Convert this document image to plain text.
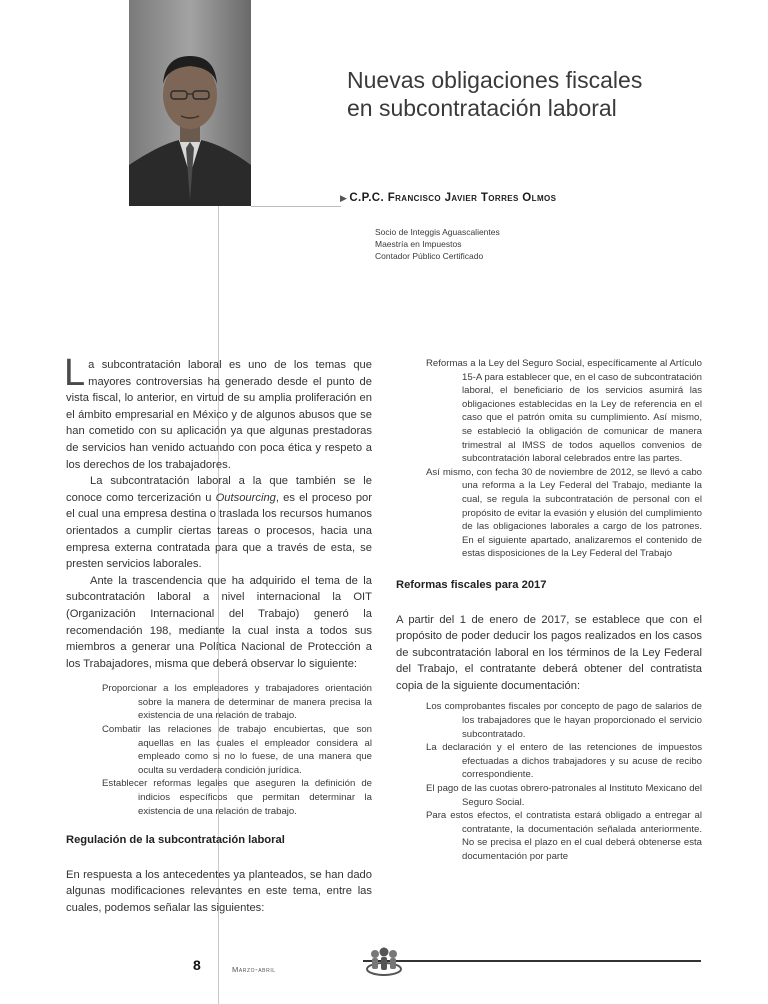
Nuevas obligaciones fiscales
en subcontratación laboral
▶ C.P.C. Francisco Javier Torres Olmos
Socio de Integgis Aguascalientes
Maestría en Impuestos
Contador Público Certificado

La subcontratación laboral es uno de los temas que mayores controversias ha generado desde el punto de vista fiscal, lo anterior, en virtud de su amplia proliferación en el ámbito empresarial en México y de algunos abusos que se han cometido con su aplicación ya que algunas prestadoras de servicios han venido actuando con poca ética y respeto a los derechos de los trabajadores.

La subcontratación laboral a la que también se le conoce como tercerización u Outsourcing, es el proceso por el cual una empresa destina o traslada los recursos humanos orientados a cumplir ciertas tareas o procesos, hacia una empresa externa contratada para que a través de esta, se presten servicios laborales.

Ante la trascendencia que ha adquirido el tema de la subcontratación laboral a nivel internacional la OIT (Organización Internacional del Trabajo) generó la recomendación 198, mediante la cual insta a todos sus miembros a generar una Política Nacional de Protección a los Trabajadores, misma que deberá observar lo siguiente:

Proporcionar a los empleadores y trabajadores orientación sobre la manera de determinar de manera precisa la existencia de una relación de trabajo.
Combatir las relaciones de trabajo encubiertas, que son aquellas en las cuales el empleador considera al empleado como si no lo fuese, de una manera que oculta su verdadera condición jurídica.
Establecer reformas legales que aseguren la definición de indicios específicos que permitan determinar la existencia de una relación de trabajo.

Regulación de la subcontratación laboral

En respuesta a los antecedentes ya planteados, se han dado algunas modificaciones relevantes en este tema, entre las cuales, podemos señalar las siguientes:

Reformas a la Ley del Seguro Social, específicamente al Artículo 15-A para establecer que, en el caso de subcontratación laboral, el beneficiario de los servicios asumirá las obligaciones establecidas en la Ley de referencia en el caso que el patrón omita su cumplimiento. Así mismo, se estableció la obligación de comunicar de manera trimestral al IMSS de todos aquellos convenios de subcontratación laboral celebrados entre las partes.
Así mismo, con fecha 30 de noviembre de 2012, se llevó a cabo una reforma a la Ley Federal del Trabajo, mediante la cual, se regula la subcontratación de personal con el propósito de evitar la evasión y elusión del cumplimiento de las obligaciones laborales a cargo de los patrones. En el siguiente apartado, analizaremos el contenido de estas disposiciones de la Ley Federal del Trabajo

Reformas fiscales para 2017

A partir del 1 de enero de 2017, se establece que con el propósito de poder deducir los pagos realizados en los casos de subcontratación laboral en los términos de la Ley Federal del Trabajo, el contratante deberá obtener del contratista copia de la siguiente documentación:

Los comprobantes fiscales por concepto de pago de salarios de los trabajadores que le hayan proporcionado el servicio subcontratado.
La declaración y el entero de las retenciones de impuestos efectuadas a dichos trabajadores y su acuse de recibo correspondiente.
El pago de las cuotas obrero-patronales al Instituto Mexicano del Seguro Social.
Para estos efectos, el contratista estará obligado a entregar al contratante, la documentación señalada anteriormente. No se precisa el plazo en el cual deberá obtenerse esta documentación por parte
8	Marzo-abril
